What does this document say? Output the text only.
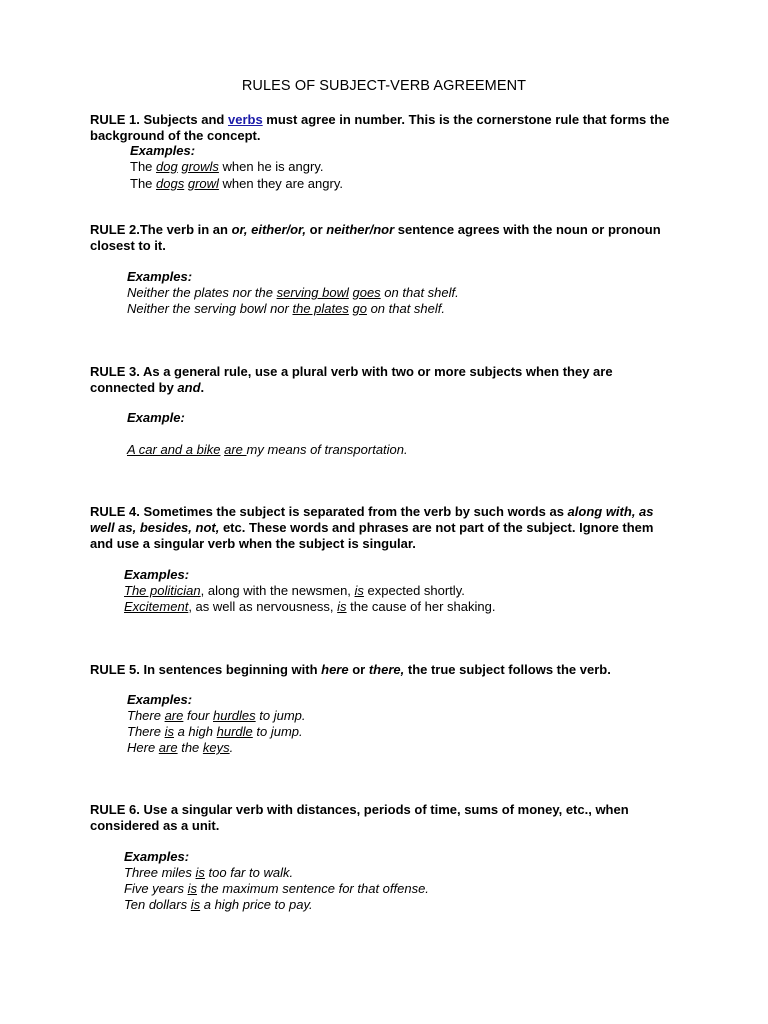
RULES OF SUBJECT-VERB AGREEMENT
RULE 1. Subjects and verbs must agree in number. This is the cornerstone rule that forms the background of the concept.
Examples:
The dog growls when he is angry.
The dogs growl when they are angry.
RULE 2.The verb in an or, either/or, or neither/nor sentence agrees with the noun or pronoun closest to it.
Examples:
Neither the plates nor the serving bowl goes on that shelf.
Neither the serving bowl nor the plates go on that shelf.
RULE 3. As a general rule, use a plural verb with two or more subjects when they are connected by and.
Example:
A car and a bike are my means of transportation.
RULE 4. Sometimes the subject is separated from the verb by such words as along with, as well as, besides, not, etc. These words and phrases are not part of the subject. Ignore them and use a singular verb when the subject is singular.
Examples:
The politician, along with the newsmen, is expected shortly.
Excitement, as well as nervousness, is the cause of her shaking.
RULE 5. In sentences beginning with here or there, the true subject follows the verb.
Examples:
There are four hurdles to jump.
There is a high hurdle to jump.
Here are the keys.
RULE 6. Use a singular verb with distances, periods of time, sums of money, etc., when considered as a unit.
Examples:
Three miles is too far to walk.
Five years is the maximum sentence for that offense.
Ten dollars is a high price to pay.
